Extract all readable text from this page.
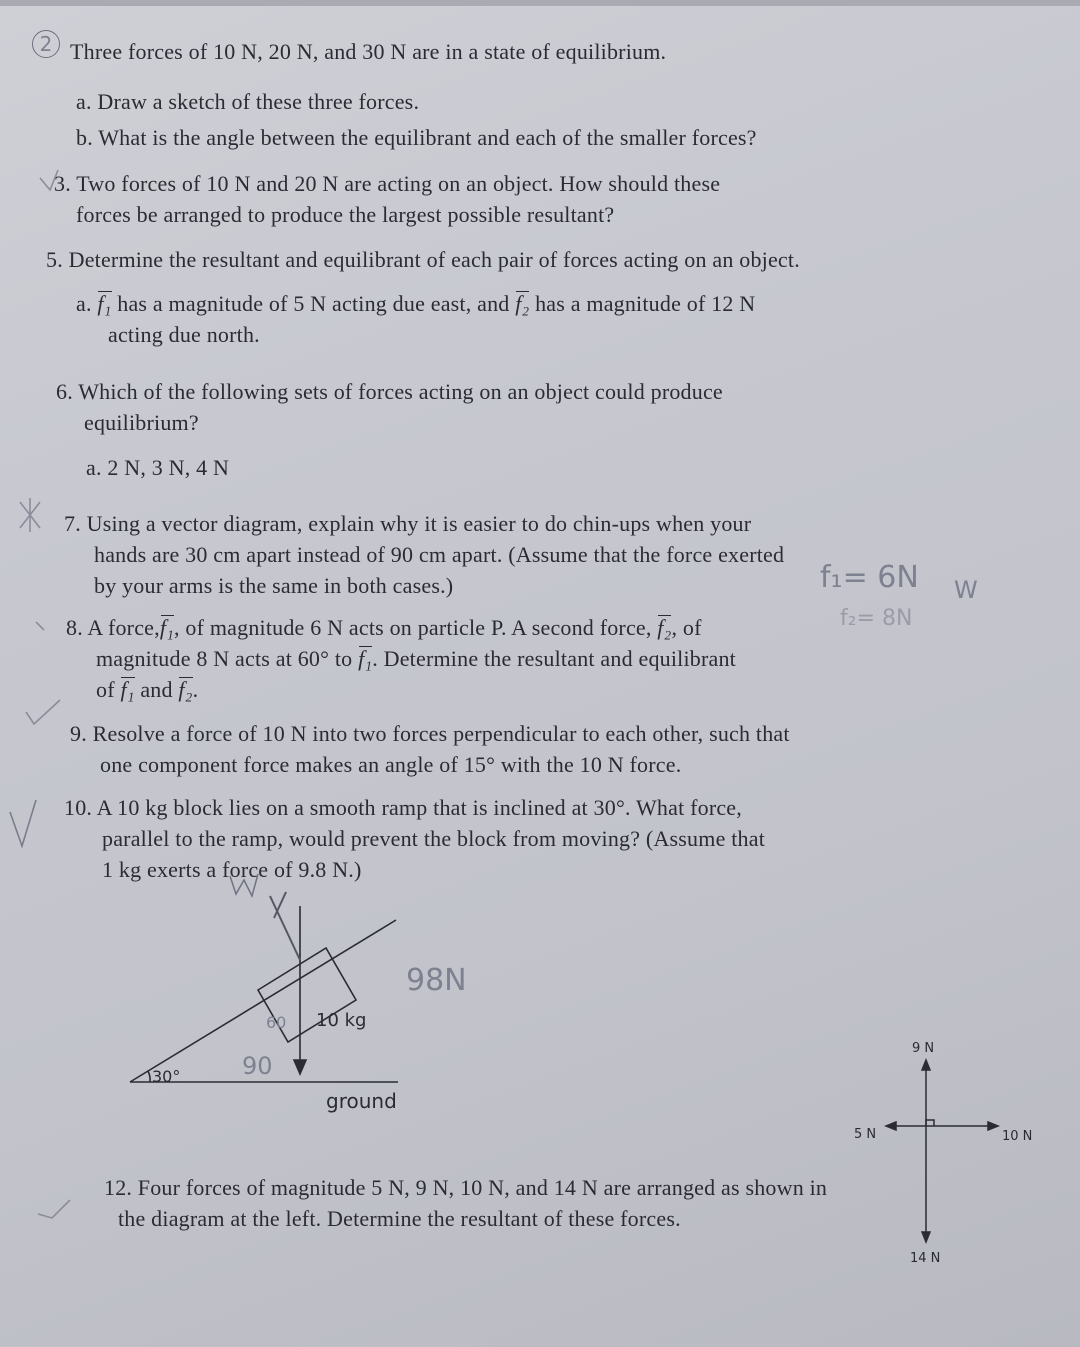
Three forces of 10 N, 20 N, and 30 N are in a state of equilibrium.

2
a. Draw a sketch of these three forces.
b. What is the angle between the equilibrant and each of the smaller forces?

3. Two forces of 10 N and 20 N are acting on an object. How should these

forces be arranged to produce the largest possible resultant?

5. Determine the resultant and equilibrant of each pair of forces acting on an object.

a. f₁ has a magnitude of 5 N acting due east, and f₂ has a magnitude of 12 N

acting due north.

6. Which of the following sets of forces acting on an object could produce

equilibrium?

a. 2 N, 3 N, 4 N

7. Using a vector diagram, explain why it is easier to do chin-ups when your

hands are 30 cm apart instead of 90 cm apart. (Assume that the force exerted

by your arms is the same in both cases.)

8. A force,f₁, of magnitude 6 N acts on particle P. A second force, f₂, of

magnitude 8 N acts at 60° to f₁. Determine the resultant and equilibrant

of f₁ and f₂.

9. Resolve a force of 10 N into two forces perpendicular to each other, such that

one component force makes an angle of 15° with the 10 N force.

10. A 10 kg block lies on a smooth ramp that is inclined at 30°. What force,

parallel to the ramp, would prevent the block from moving? (Assume that

1 kg exerts a force of 9.8 N.)

30°
10 kg
ground
98N
90
60
9 N
10 N
5 N
14 N
f₁= 6N
f₂= 8N
W

12. Four forces of magnitude 5 N, 9 N, 10 N, and 14 N are arranged as shown in

the diagram at the left. Determine the resultant of these forces.
